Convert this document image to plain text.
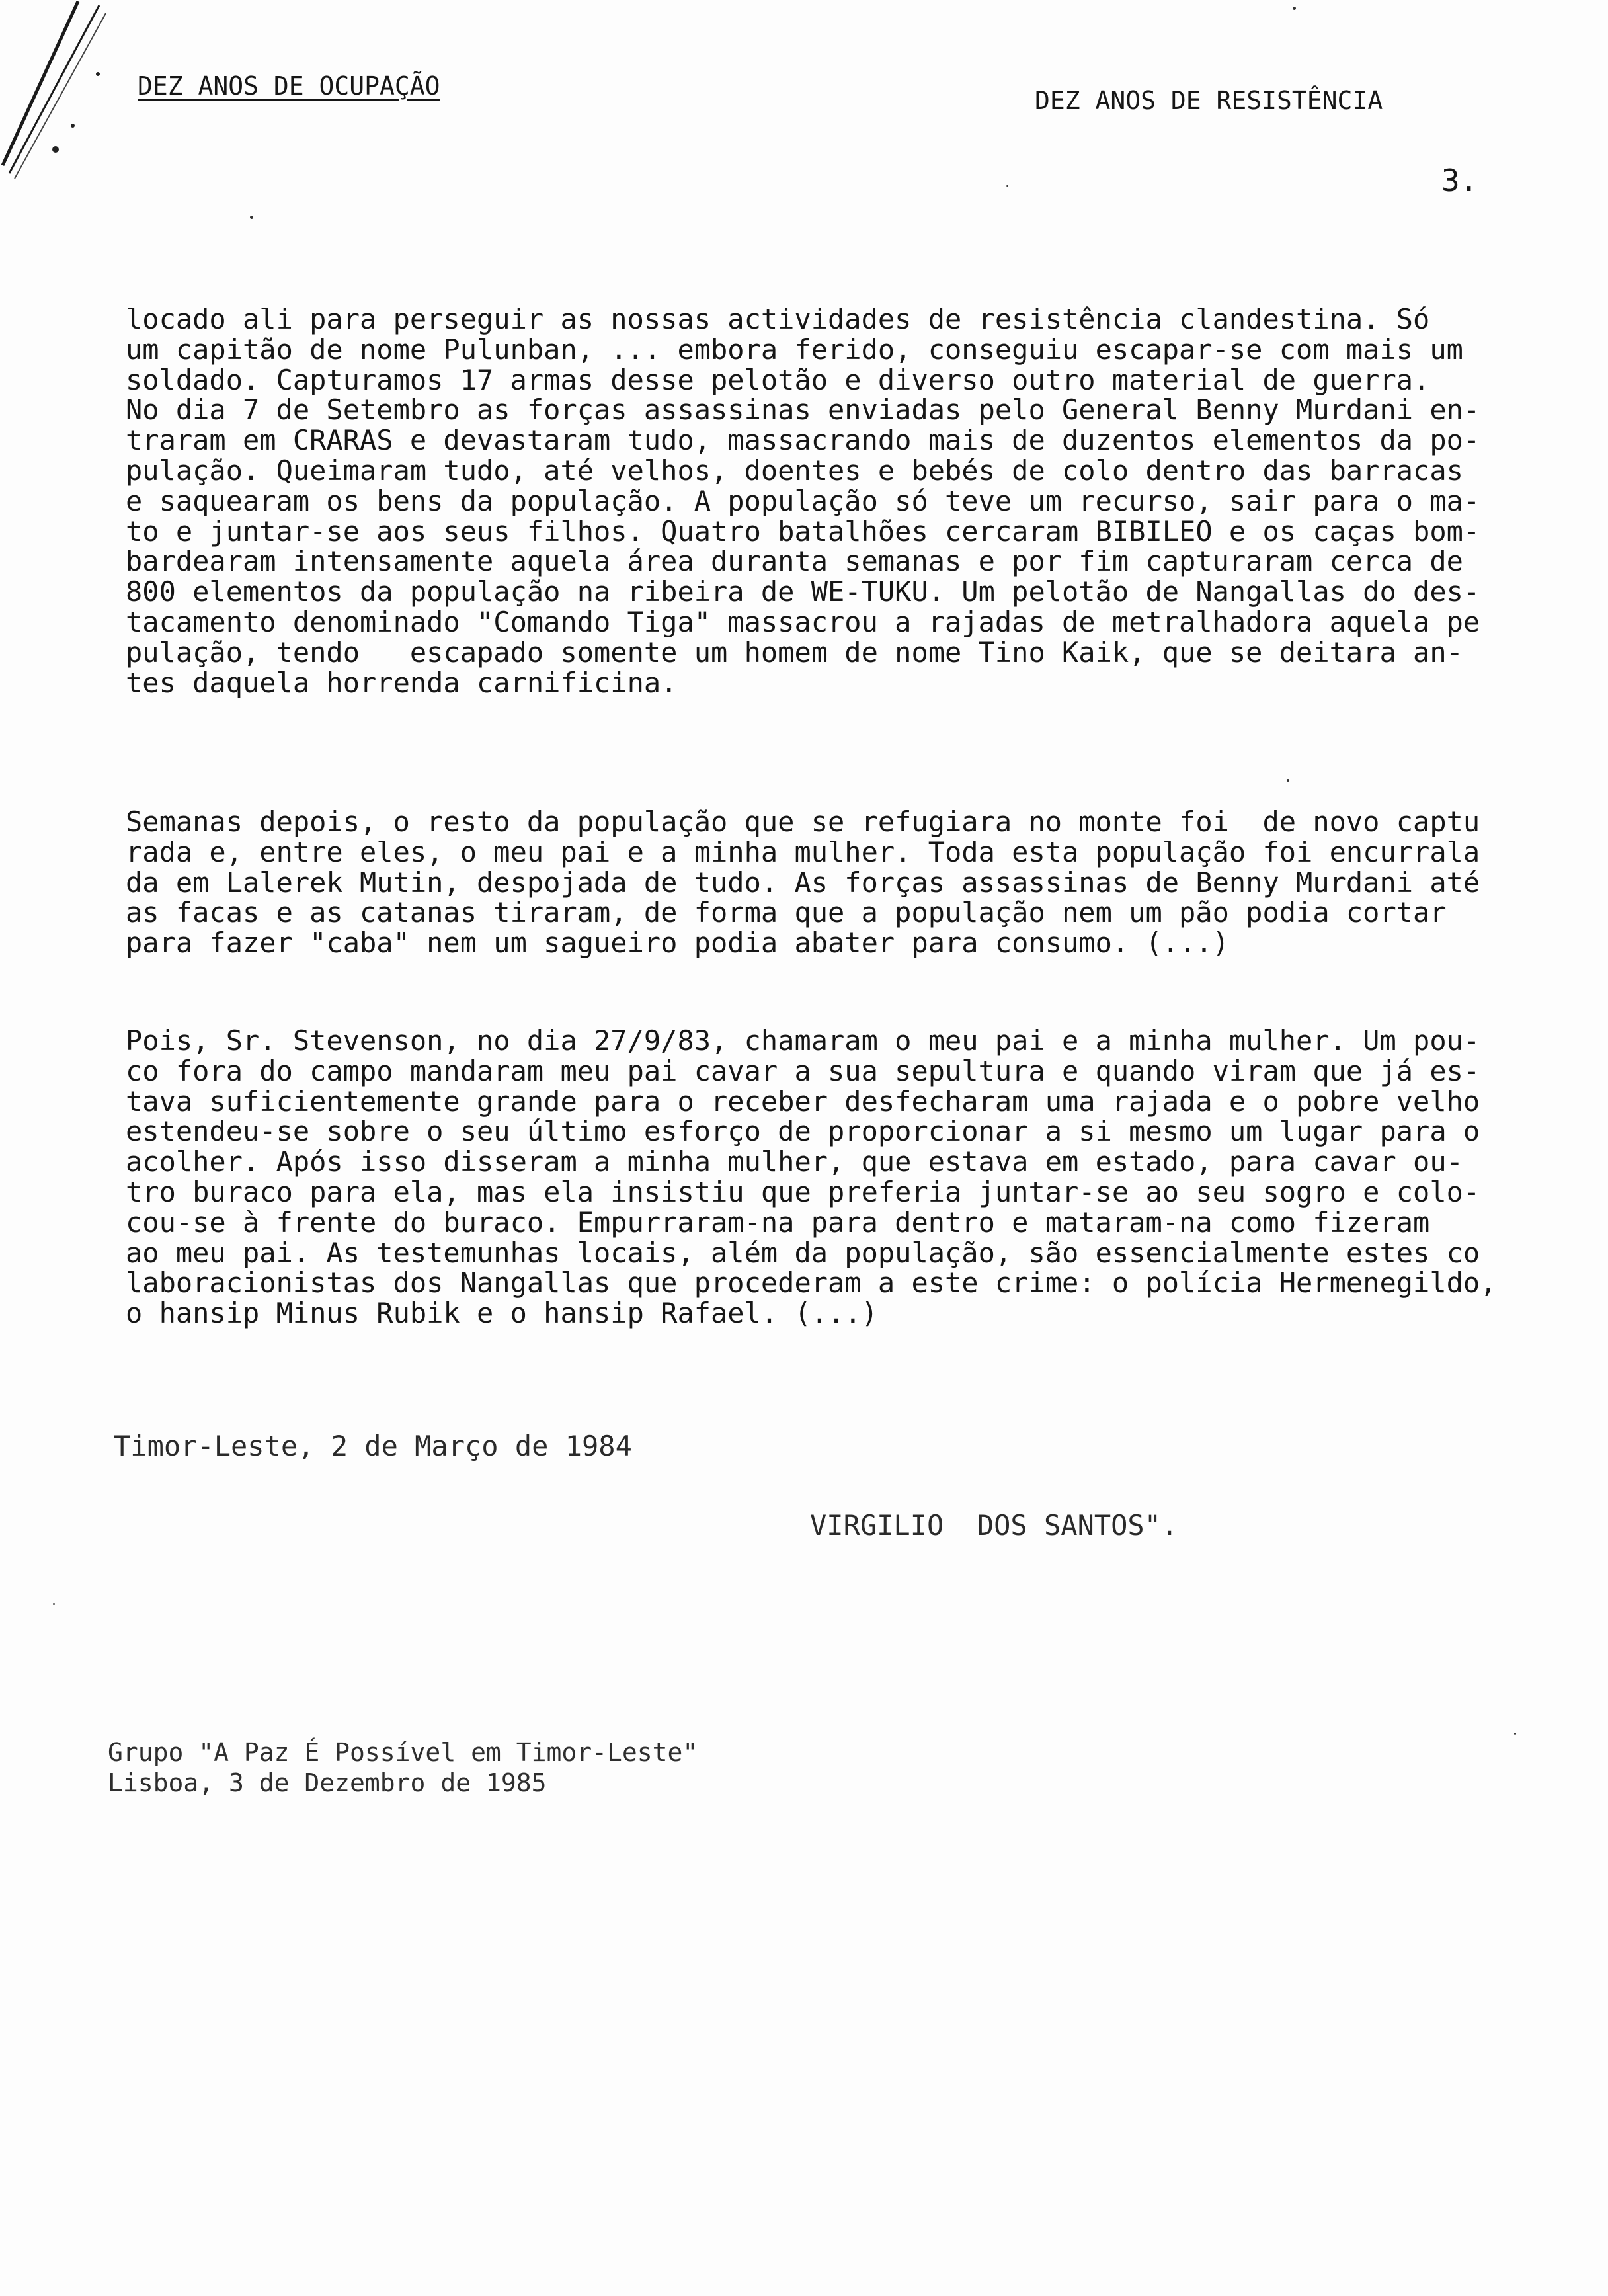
DEZ ANOS DE OCUPAÇÃO	DEZ ANOS DE RESISTÊNCIA
3.
locado ali para perseguir as nossas actividades de resistência clandestina. Só
um capitão de nome Pulunban, ... embora ferido, conseguiu escapar-se com mais um
soldado. Capturamos 17 armas desse pelotão e diverso outro material de guerra.
No dia 7 de Setembro as forças assassinas enviadas pelo General Benny Murdani en-
traram em CRARAS e devastaram tudo, massacrando mais de duzentos elementos da po-
pulação. Queimaram tudo, até velhos, doentes e bebés de colo dentro das barracas
e saquearam os bens da população. A população só teve um recurso, sair para o ma-
to e juntar-se aos seus filhos. Quatro batalhões cercaram BIBILEO e os caças bom-
bardearam intensamente aquela área duranta semanas e por fim capturaram cerca de
800 elementos da população na ribeira de WE-TUKU. Um pelotão de Nangallas do des-
tacamento denominado "Comando Tiga" massacrou a rajadas de metralhadora aquela pe
pulação, tendo   escapado somente um homem de nome Tino Kaik, que se deitara an-
tes daquela horrenda carnificina.
Semanas depois, o resto da população que se refugiara no monte foi  de novo captu
rada e, entre eles, o meu pai e a minha mulher. Toda esta população foi encurrala
da em Lalerek Mutin, despojada de tudo. As forças assassinas de Benny Murdani até
as facas e as catanas tiraram, de forma que a população nem um pão podia cortar
para fazer "caba" nem um sagueiro podia abater para consumo. (...)
Pois, Sr. Stevenson, no dia 27/9/83, chamaram o meu pai e a minha mulher. Um pou-
co fora do campo mandaram meu pai cavar a sua sepultura e quando viram que já es-
tava suficientemente grande para o receber desfecharam uma rajada e o pobre velho
estendeu-se sobre o seu último esforço de proporcionar a si mesmo um lugar para o
acolher. Após isso disseram a minha mulher, que estava em estado, para cavar ou-
tro buraco para ela, mas ela insistiu que preferia juntar-se ao seu sogro e colo-
cou-se à frente do buraco. Empurraram-na para dentro e mataram-na como fizeram
ao meu pai. As testemunhas locais, além da população, são essencialmente estes co
laboracionistas dos Nangallas que procederam a este crime: o polícia Hermenegildo,
o hansip Minus Rubik e o hansip Rafael. (...)
Timor-Leste, 2 de Março de 1984
VIRGILIO  DOS SANTOS".
Grupo "A Paz É Possível em Timor-Leste"
Lisboa, 3 de Dezembro de 1985
